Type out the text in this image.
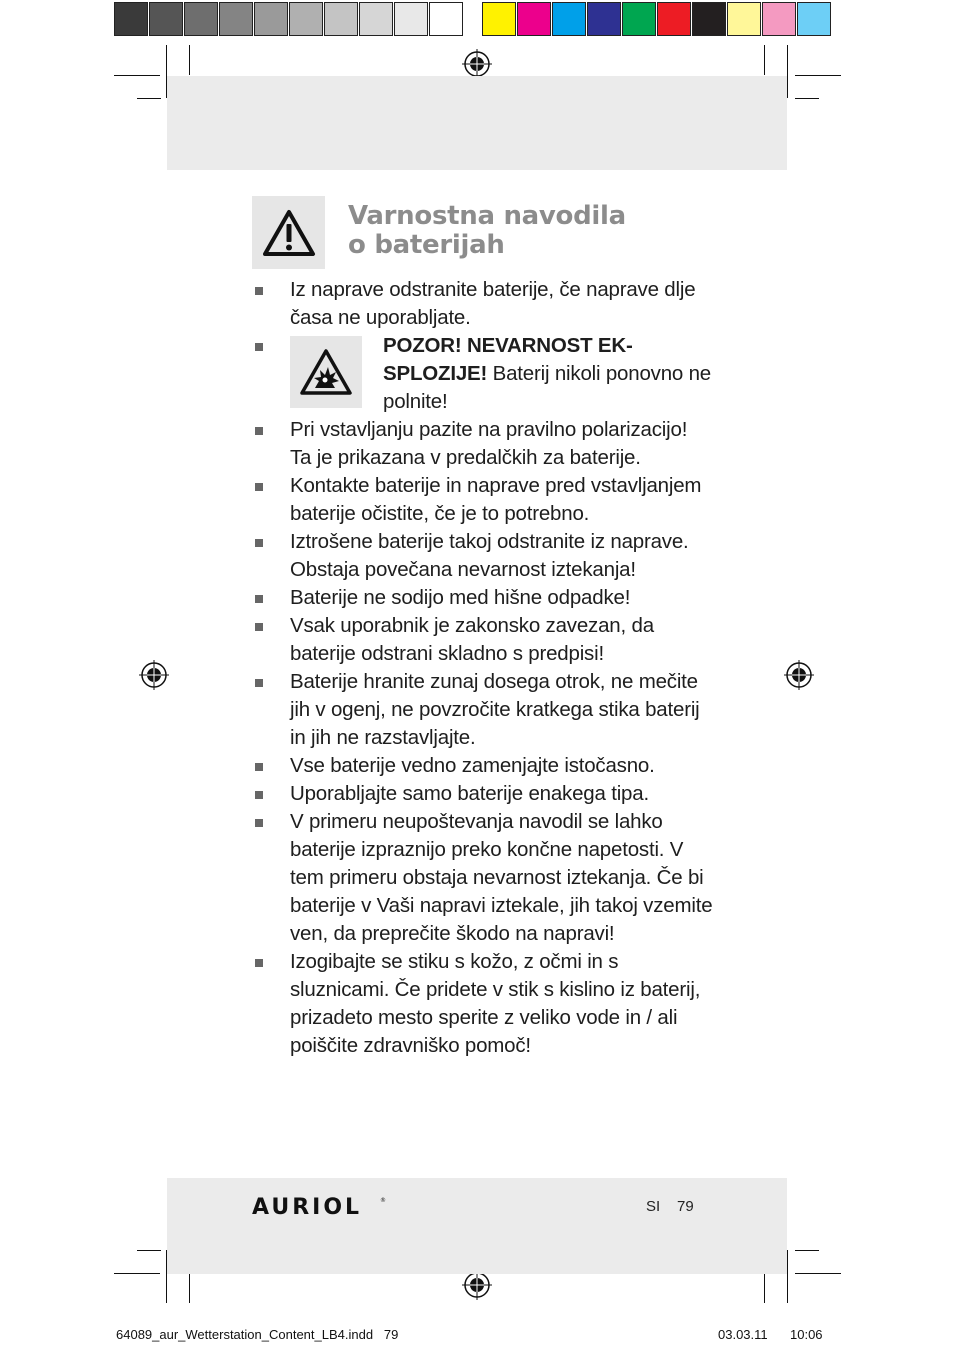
Varnostna navodila
o baterijah
Iz naprave odstranite baterije, če naprave dlje časa ne uporabljate.
POZOR! NEVARNOST EK-SPLOZIJE! Baterij nikoli ponovno ne polnite!
Pri vstavljanju pazite na pravilno polarizacijo! Ta je prikazana v predalčkih za baterije.
Kontakte baterije in naprave pred vstavljanjem baterije očistite, če je to potrebno.
Iztrošene baterije takoj odstranite iz naprave. Obstaja povečana nevarnost iztekanja!
Baterije ne sodijo med hišne odpadke!
Vsak uporabnik je zakonsko zavezan, da baterije odstrani skladno s predpisi!
Baterije hranite zunaj dosega otrok, ne mečite jih v ogenj, ne povzročite kratkega stika baterij in jih ne razstavljajte.
Vse baterije vedno zamenjajte istočasno.
Uporabljajte samo baterije enakega tipa.
V primeru neupoštevanja navodil se lahko baterije izpraznijo preko končne napetosti. V tem primeru obstaja nevarnost iztekanja. Če bi baterije v Vaši napravi iztekale, jih takoj vzemite ven, da preprečite škodo na napravi!
Izogibajte se stiku s kožo, z očmi in s sluznicami. Če pridete v stik s kislino iz baterij, prizadeto mesto sperite z veliko vode in / ali poiščite zdravniško pomoč!
AURIOL	®	SI 79
64089_aur_Wetterstation_Content_LB4.indd   79	03.03.11 10:06
